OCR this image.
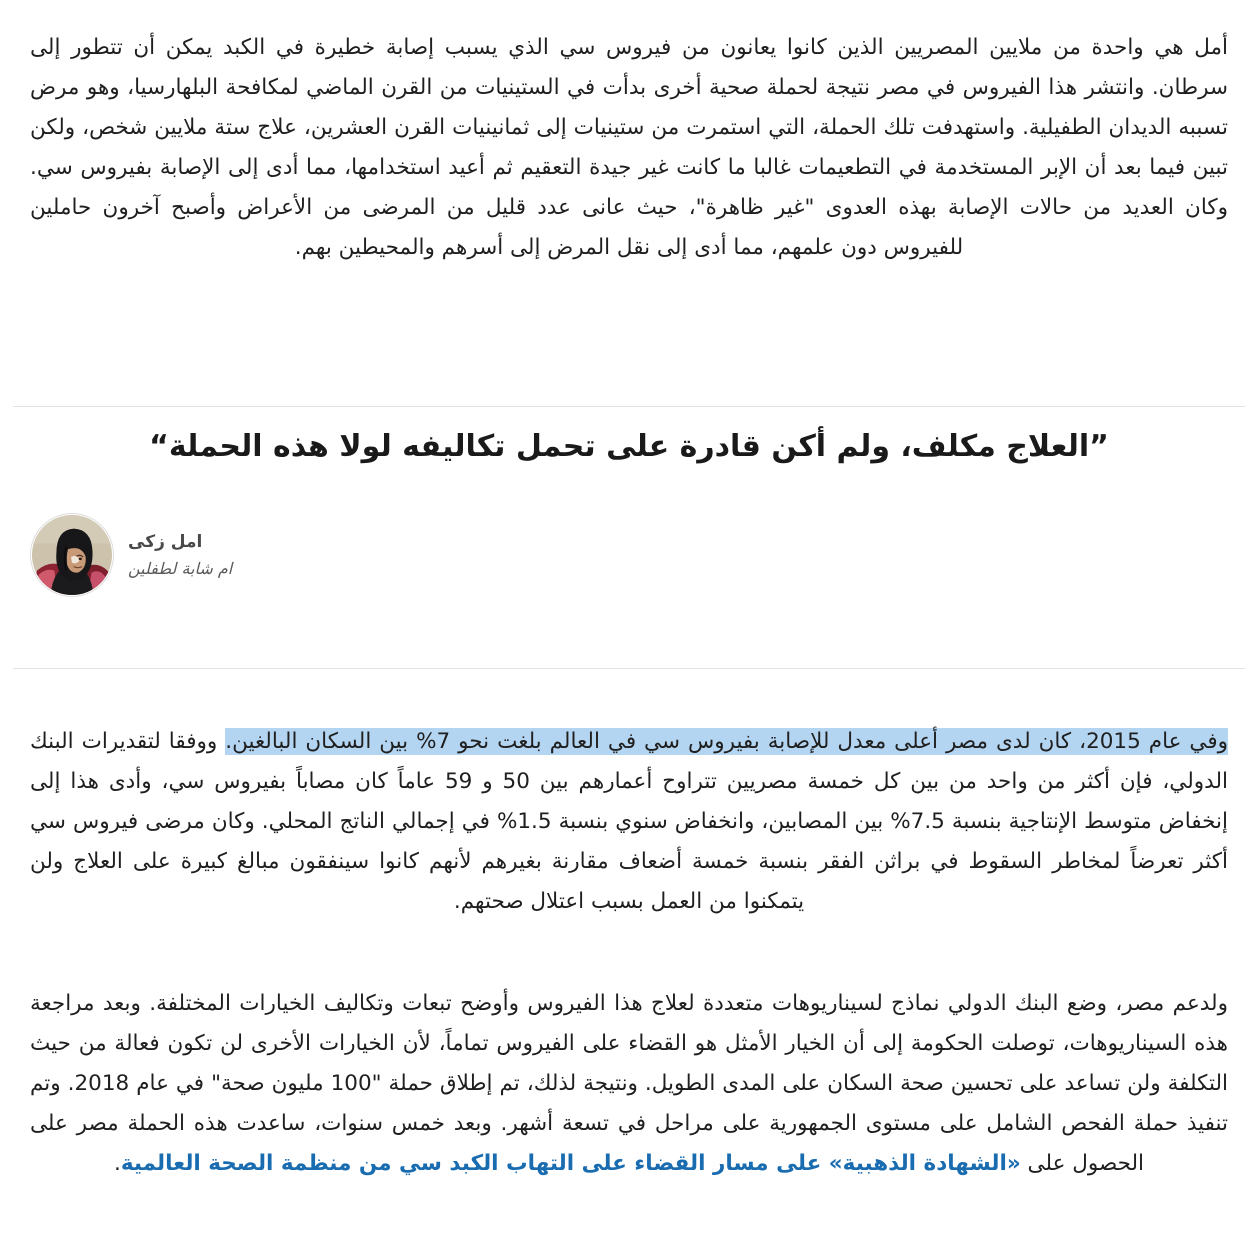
أمل هي واحدة من ملايين المصريين الذين كانوا يعانون من فيروس سي الذي يسبب إصابة خطيرة في الكبد يمكن أن تتطور إلى سرطان. وانتشر هذا الفيروس في مصر نتيجة لحملة صحية أخرى بدأت في الستينيات من القرن الماضي لمكافحة البلهارسيا، وهو مرض تسببه الديدان الطفيلية. واستهدفت تلك الحملة، التي استمرت من ستينيات إلى ثمانينيات القرن العشرين، علاج ستة ملايين شخص، ولكن تبين فيما بعد أن الإبر المستخدمة في التطعيمات غالبا ما كانت غير جيدة التعقيم ثم أعيد استخدامها، مما أدى إلى الإصابة بفيروس سي. وكان العديد من حالات الإصابة بهذه العدوى "غير ظاهرة"، حيث عانى عدد قليل من المرضى من الأعراض وأصبح آخرون حاملين للفيروس دون علمهم، مما أدى إلى نقل المرض إلى أسرهم والمحيطين بهم.

”العلاج مكلف، ولم أكن قادرة على تحمل تكاليفه لولا هذه الحملة“

امل زكى
ام شابة لطفلين

وفي عام 2015، كان لدى مصر أعلى معدل للإصابة بفيروس سي في العالم بلغت نحو 7% بين السكان البالغين. ووفقا لتقديرات البنك الدولي، فإن أكثر من واحد من بين كل خمسة مصريين تتراوح أعمارهم بين 50 و 59 عاماً كان مصاباً بفيروس سي، وأدى هذا إلى إنخفاض متوسط الإنتاجية بنسبة 7.5% بين المصابين، وانخفاض سنوي بنسبة 1.5% في إجمالي الناتج المحلي. وكان مرضى فيروس سي أكثر تعرضاً لمخاطر السقوط في براثن الفقر بنسبة خمسة أضعاف مقارنة بغيرهم لأنهم كانوا سينفقون مبالغ كبيرة على العلاج ولن يتمكنوا من العمل بسبب اعتلال صحتهم.

ولدعم مصر، وضع البنك الدولي نماذج لسيناريوهات متعددة لعلاج هذا الفيروس وأوضح تبعات وتكاليف الخيارات المختلفة. وبعد مراجعة هذه السيناريوهات، توصلت الحكومة إلى أن الخيار الأمثل هو القضاء على الفيروس تماماً، لأن الخيارات الأخرى لن تكون فعالة من حيث التكلفة ولن تساعد على تحسين صحة السكان على المدى الطويل. ونتيجة لذلك، تم إطلاق حملة "100 مليون صحة" في عام 2018. وتم تنفيذ حملة الفحص الشامل على مستوى الجمهورية على مراحل في تسعة أشهر. وبعد خمس سنوات، ساعدت هذه الحملة مصر على الحصول على «الشهادة الذهبية» على مسار القضاء على التهاب الكبد سي من منظمة الصحة العالمية.
